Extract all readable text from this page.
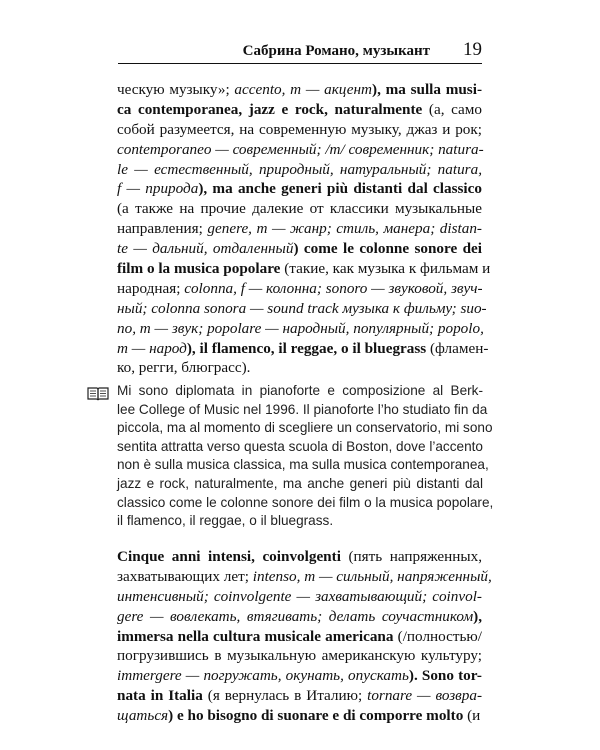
Сабрина Романо, музыкант 19
ческую музыку»; accento, m — акцент), ma sulla musi-
ca contemporanea, jazz e rock, naturalmente (а, само
собой разумеется, на современную музыку, джаз и рок;
contemporaneo — современный; /m/ современник; natura-
le — естественный, природный, натуральный; natura,
f — природа), ma anche generi più distanti dal classico
(а также на прочие далекие от классики музыкальные
направления; genere, m — жанр; стиль, манера; distan-
te — дальний, отдаленный) come le colonne sonore dei
film o la musica popolare (такие, как музыка к фильмам и
народная; colonna, f — колонна; sonoro — звуковой, звуч-
ный; colonna sonora — sound track музыка к фильму; suo-
no, m — звук; popolare — народный, популярный; popolo,
m — народ), il flamenco, il reggae, o il bluegrass (фламен-
ко, регги, блюграсс).
Mi sono diplomata in pianoforte e composizione al Berk-
lee College of Music nel 1996. Il pianoforte l’ho studiato fin da
piccola, ma al momento di scegliere un conservatorio, mi sono
sentita attratta verso questa scuola di Boston, dove l’accento
non è sulla musica classica, ma sulla musica contemporanea,
jazz e rock, naturalmente, ma anche generi più distanti dal
classico come le colonne sonore dei film o la musica popolare,
il flamenco, il reggae, o il bluegrass.
Cinque anni intensi, coinvolgenti (пять напряженных,
захватывающих лет; intenso, m — сильный, напряженный,
интенсивный; coinvolgente — захватывающий; coinvol-
gere — вовлекать, втягивать; делать соучастником),
immersa nella cultura musicale americana (/полностью/
погрузившись в музыкальную американскую культуру;
immergere — погружать, окунать, опускать). Sono tor-
nata in Italia (я вернулась в Италию; tornare — возвра-
щаться) e ho bisogno di suonare e di comporre molto (и
